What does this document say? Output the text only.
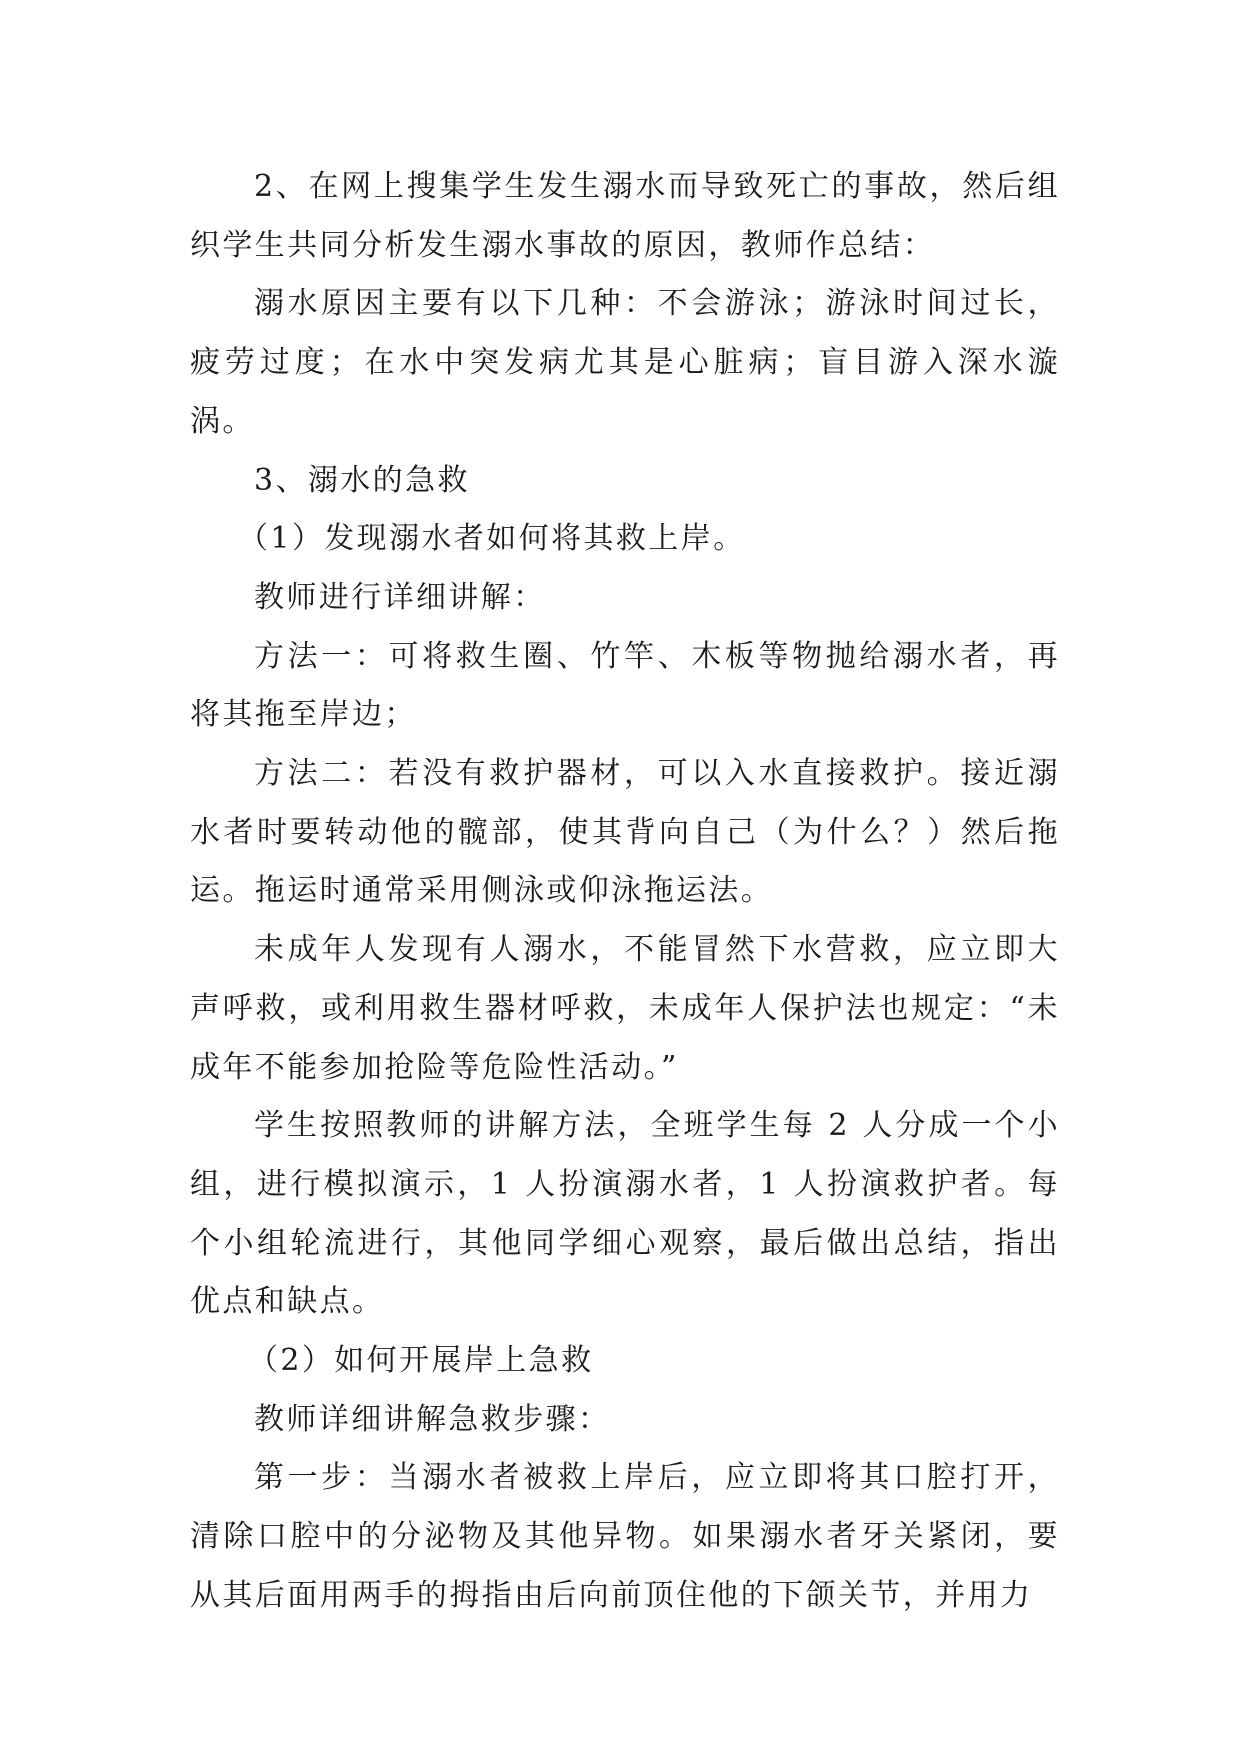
2、在网上搜集学生发生溺水而导致死亡的事故，然后组织学生共同分析发生溺水事故的原因，教师作总结：

溺水原因主要有以下几种：不会游泳；游泳时间过长，疲劳过度；在水中突发病尤其是心脏病；盲目游入深水漩涡。

3、溺水的急救

（1）发现溺水者如何将其救上岸。

教师进行详细讲解：

方法一：可将救生圈、竹竿、木板等物抛给溺水者，再将其拖至岸边；

方法二：若没有救护器材，可以入水直接救护。接近溺水者时要转动他的髋部，使其背向自己（为什么？）然后拖运。拖运时通常采用侧泳或仰泳拖运法。

未成年人发现有人溺水，不能冒然下水营救，应立即大声呼救，或利用救生器材呼救，未成年人保护法也规定：“未成年不能参加抢险等危险性活动。”

学生按照教师的讲解方法，全班学生每 2 人分成一个小组，进行模拟演示，1 人扮演溺水者，1 人扮演救护者。每个小组轮流进行，其他同学细心观察，最后做出总结，指出优点和缺点。

（2）如何开展岸上急救

教师详细讲解急救步骤：

第一步：当溺水者被救上岸后，应立即将其口腔打开，清除口腔中的分泌物及其他异物。如果溺水者牙关紧闭，要从其后面用两手的拇指由后向前顶住他的下颌关节，并用力
